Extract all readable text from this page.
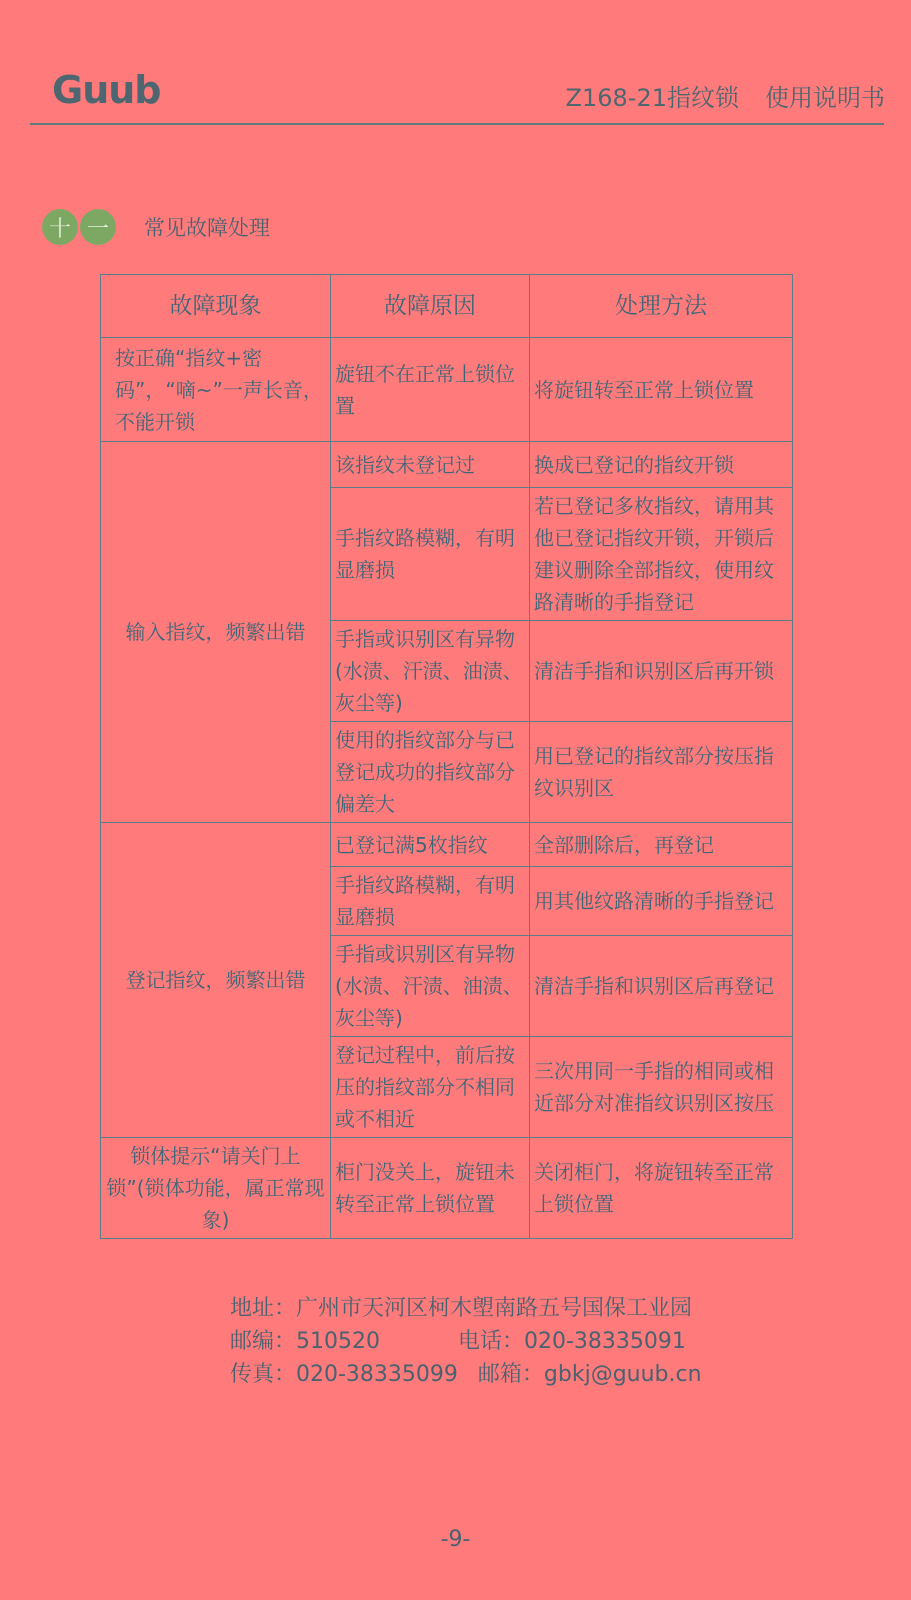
Guub	Z168-21指纹锁 使用说明书
十 一	常见故障处理
故障现象	故障原因	处理方法
按正确“指纹+密码”，“嘀~”一声长音，不能开锁	旋钮不在正常上锁位置	将旋钮转至正常上锁位置
输入指纹，频繁出错	该指纹未登记过	换成已登记的指纹开锁
	手指纹路模糊，有明显磨损	若已登记多枚指纹，请用其他已登记指纹开锁，开锁后建议删除全部指纹，使用纹路清晰的手指登记
	手指或识别区有异物(水渍、汗渍、油渍、灰尘等)	清洁手指和识别区后再开锁
	使用的指纹部分与已登记成功的指纹部分偏差大	用已登记的指纹部分按压指纹识别区
登记指纹，频繁出错	已登记满5枚指纹	全部删除后，再登记
	手指纹路模糊，有明显磨损	用其他纹路清晰的手指登记
	手指或识别区有异物(水渍、汗渍、油渍、灰尘等)	清洁手指和识别区后再登记
	登记过程中，前后按压的指纹部分不相同或不相近	三次用同一手指的相同或相近部分对准指纹识别区按压
锁体提示“请关门上锁”(锁体功能，属正常现象)	柜门没关上，旋钮未转至正常上锁位置	关闭柜门，将旋钮转至正常上锁位置
地址：广州市天河区柯木塱南路五号国保工业园
邮编：510520	电话：020-38335091
传真：020-38335099 邮箱：gbkj@guub.cn
-9-
